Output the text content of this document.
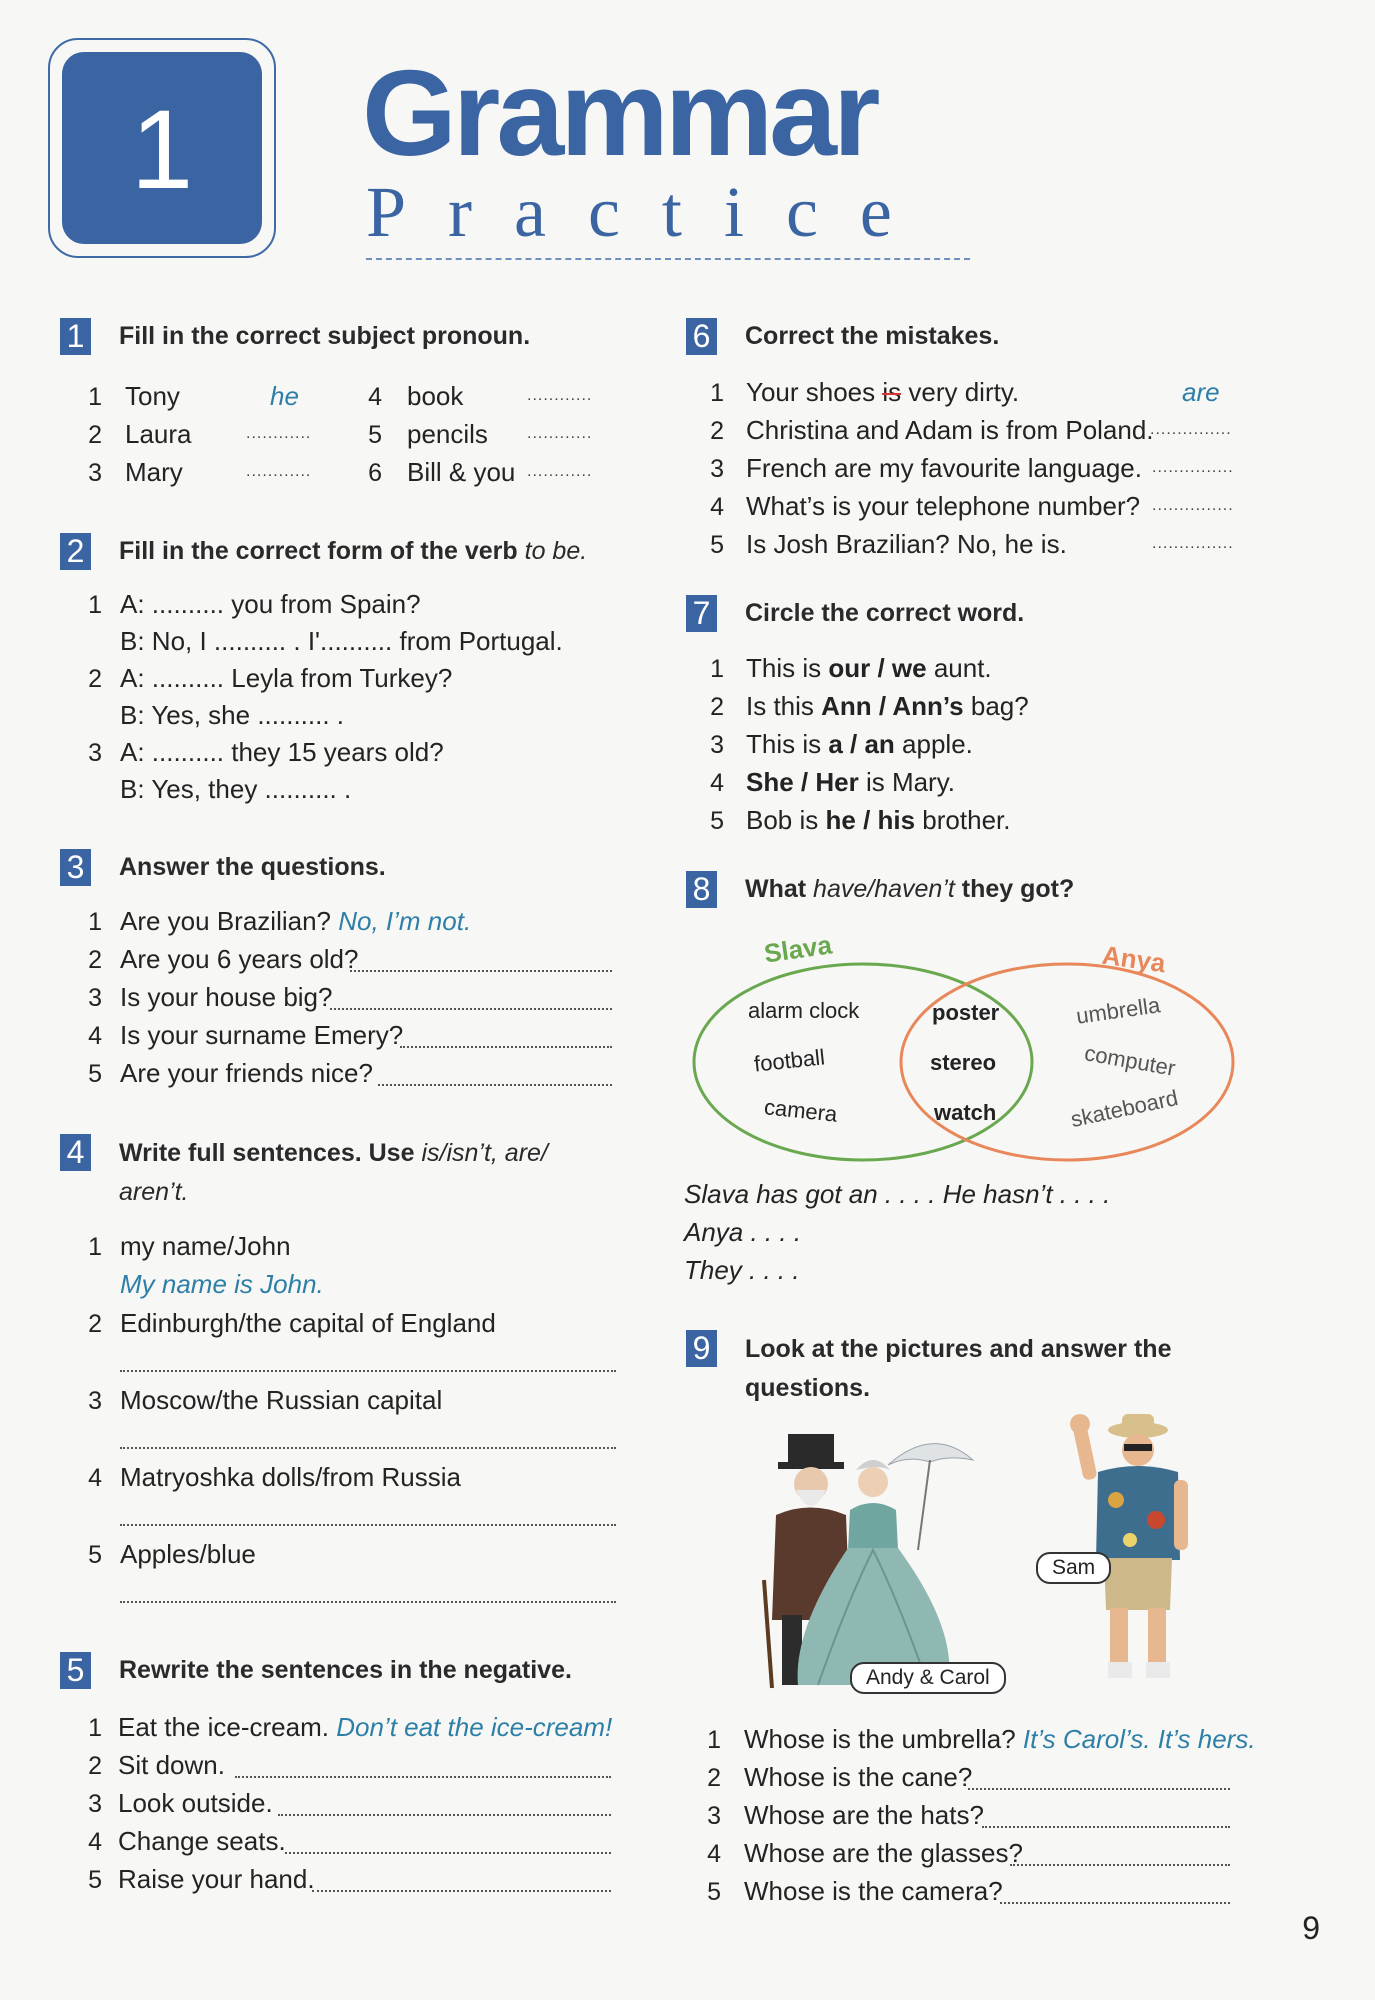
1	Grammar
Practice
1 Fill in the correct subject pronoun.
1 Tony	he
2 Laura	............
3 Mary	............
4 book	............
5 pencils ............
6 Bill & you ............
2 Fill in the correct form of the verb to be.
1 A: .......... you from Spain?
B: No, I .......... . I'.......... from Portugal.
2 A: .......... Leyla from Turkey?
B: Yes, she .......... .
3 A: .......... they 15 years old?
B: Yes, they .......... .
3 Answer the questions.
1 Are you Brazilian? No, I’m not.
2 Are you 6 years old?
3 Is your house big?
4 Is your surname Emery?
5 Are your friends nice?
4 Write full sentences. Use is/isn’t, are/
aren’t.
1 my name/John
My name is John.
2 Edinburgh/the capital of England
3 Moscow/the Russian capital
4 Matryoshka dolls/from Russia
5 Apples/blue
5 Rewrite the sentences in the negative.
1 Eat the ice-cream. Don’t eat the ice-cream!
2 Sit down.
3 Look outside.
4 Change seats.
5 Raise your hand.
6 Correct the mistakes.
1 Your shoes is very dirty.	are
2 Christina and Adam is from Poland.
...............
3 French are my favourite language. ...............
4 What’s is your telephone number? ...............
5 Is Josh Brazilian? No, he is.	...............
7 Circle the correct word.
1 This is our / we aunt.
2 Is this Ann / Ann’s bag?
3 This is a / an apple.
4 She / Her is Mary.
5 Bob is he / his brother.
8 What have/haven’t they got?
Slava	Anya
alarm clock
football
camera
poster
stereo
watch
umbrella
computer
skateboard
Slava has got an . . . . He hasn’t . . . .
Anya . . . .
They . . . .
9 Look at the pictures and answer the
questions.
Andy & Carol
Sam
1 Whose is the umbrella? It’s Carol’s. It’s hers.
2 Whose is the cane?
3 Whose are the hats?
4 Whose are the glasses?
5 Whose is the camera?
9
